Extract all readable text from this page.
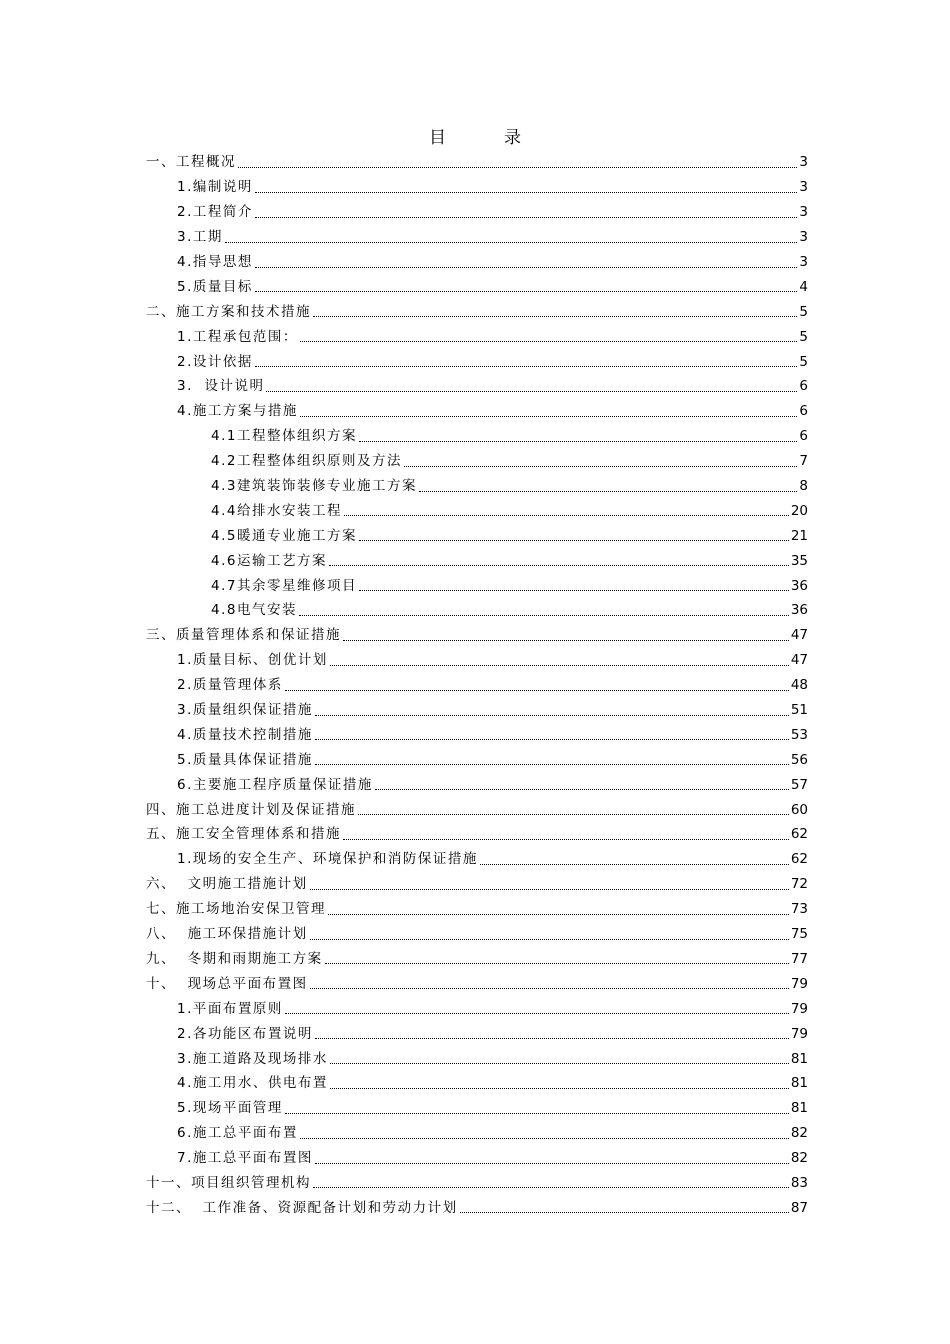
目	录
一、工程概况	3
1.编制说明	3
2.工程简介	3
3.工期	3
4.指导思想	3
5.质量目标	4
二、施工方案和技术措施	5
1.工程承包范围：	5
2.设计依据	5
3.  设计说明	6
4.施工方案与措施	6
4.1工程整体组织方案	6
4.2工程整体组织原则及方法	7
4.3建筑装饰装修专业施工方案	8
4.4给排水安装工程	20
4.5暖通专业施工方案	21
4.6运输工艺方案	35
4.7其余零星维修项目	36
4.8电气安装	36
三、质量管理体系和保证措施	47
1.质量目标、创优计划	47
2.质量管理体系	48
3.质量组织保证措施	51
4.质量技术控制措施	53
5.质量具体保证措施	56
6.主要施工程序质量保证措施	57
四、施工总进度计划及保证措施	60
五、施工安全管理体系和措施	62
1.现场的安全生产、环境保护和消防保证措施	62
六、  文明施工措施计划	72
七、施工场地治安保卫管理	73
八、  施工环保措施计划	75
九、  冬期和雨期施工方案	77
十、  现场总平面布置图	79
1.平面布置原则	79
2.各功能区布置说明	79
3.施工道路及现场排水	81
4.施工用水、供电布置	81
5.现场平面管理	81
6.施工总平面布置	82
7.施工总平面布置图	82
十一、项目组织管理机构	83
十二、  工作准备、资源配备计划和劳动力计划	87
